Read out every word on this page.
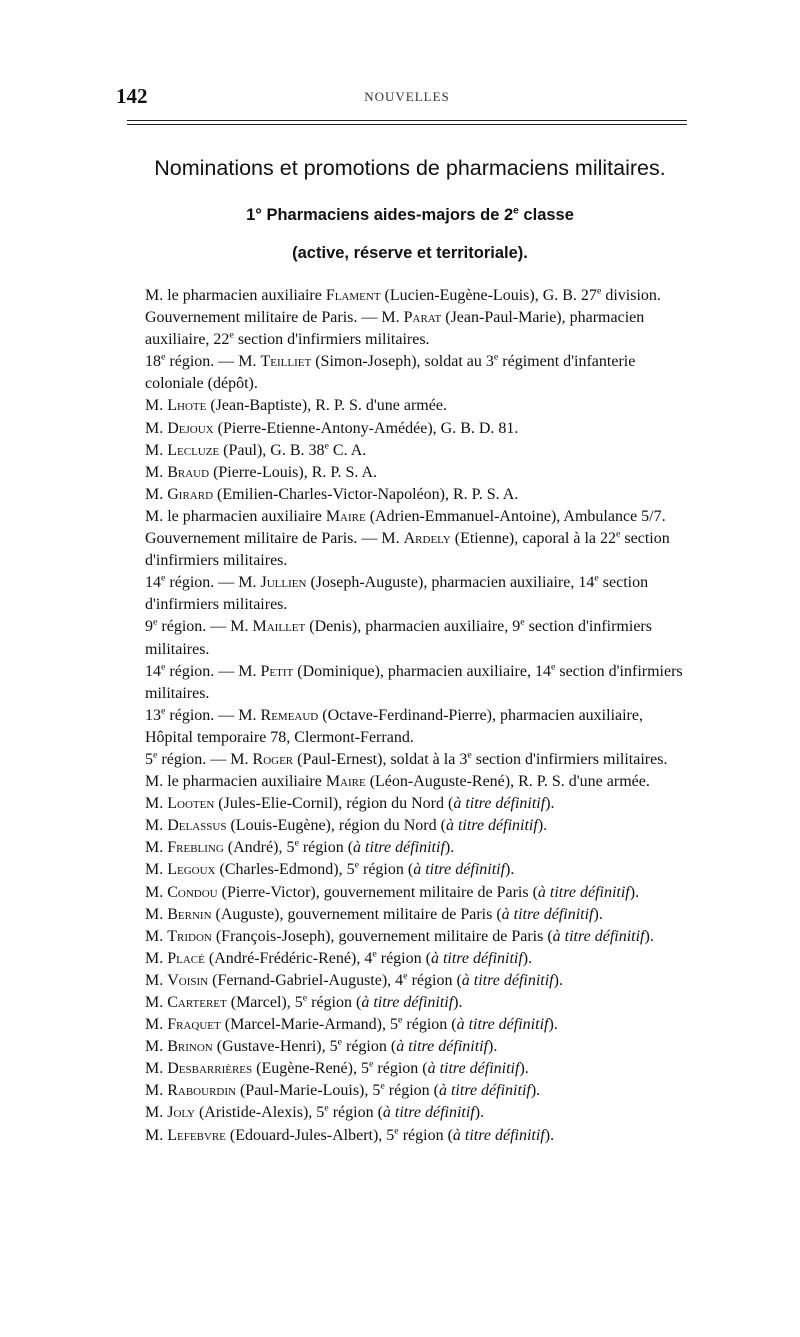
142	NOUVELLES
Nominations et promotions de pharmaciens militaires.
1° Pharmaciens aides-majors de 2e classe
(active, réserve et territoriale).
M. le pharmacien auxiliaire Flament (Lucien-Eugène-Louis), G. B. 27e division.
Gouvernement militaire de Paris. — M. Parat (Jean-Paul-Marie), pharmacien auxiliaire, 22e section d'infirmiers militaires.
18e région. — M. Teilliet (Simon-Joseph), soldat au 3e régiment d'infanterie coloniale (dépôt).
M. Lhote (Jean-Baptiste), R. P. S. d'une armée.
M. Dejoux (Pierre-Etienne-Antony-Amédée), G. B. D. 81.
M. Lecluze (Paul), G. B. 38e C. A.
M. Braud (Pierre-Louis), R. P. S. A.
M. Girard (Emilien-Charles-Victor-Napoléon), R. P. S. A.
M. le pharmacien auxiliaire Maire (Adrien-Emmanuel-Antoine), Ambulance 5/7.
Gouvernement militaire de Paris. — M. Ardely (Etienne), caporal à la 22e section d'infirmiers militaires.
14e région. — M. Jullien (Joseph-Auguste), pharmacien auxiliaire, 14e section d'infirmiers militaires.
9e région. — M. Maillet (Denis), pharmacien auxiliaire, 9e section d'infirmiers militaires.
14e région. — M. Petit (Dominique), pharmacien auxiliaire, 14e section d'infirmiers militaires.
13e région. — M. Remeaud (Octave-Ferdinand-Pierre), pharmacien auxiliaire, Hôpital temporaire 78, Clermont-Ferrand.
5e région. — M. Roger (Paul-Ernest), soldat à la 3e section d'infirmiers militaires.
M. le pharmacien auxiliaire Maire (Léon-Auguste-René), R. P. S. d'une armée.
M. Looten (Jules-Elie-Cornil), région du Nord (à titre définitif).
M. Delassus (Louis-Eugène), région du Nord (à titre définitif).
M. Frebling (André), 5e région (à titre définitif).
M. Legoux (Charles-Edmond), 5e région (à titre définitif).
M. Condou (Pierre-Victor), gouvernement militaire de Paris (à titre définitif).
M. Bernin (Auguste), gouvernement militaire de Paris (à titre définitif).
M. Tridon (François-Joseph), gouvernement militaire de Paris (à titre définitif).
M. Placé (André-Frédéric-René), 4e région (à titre définitif).
M. Voisin (Fernand-Gabriel-Auguste), 4e région (à titre définitif).
M. Carteret (Marcel), 5e région (à titre définitif).
M. Fraquet (Marcel-Marie-Armand), 5e région (à titre définitif).
M. Brinon (Gustave-Henri), 5e région (à titre définitif).
M. Desbarrières (Eugène-René), 5e région (à titre définitif).
M. Rabourdin (Paul-Marie-Louis), 5e région (à titre définitif).
M. Joly (Aristide-Alexis), 5e région (à titre définitif).
M. Lefebvre (Edouard-Jules-Albert), 5e région (à titre définitif).
